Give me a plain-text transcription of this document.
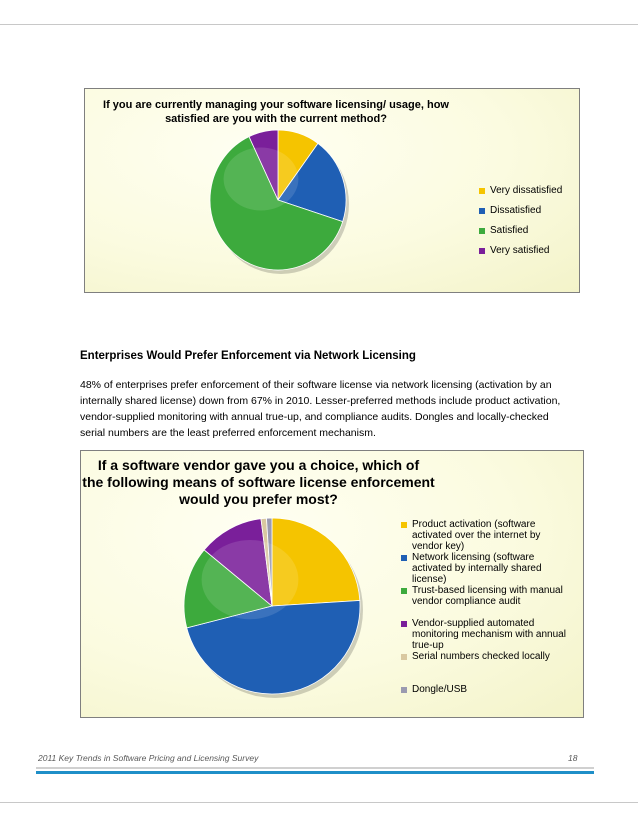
If you are currently managing your software licensing/ usage, how
satisfied are you with the current method?
Very dissatisfied
Dissatisfied
Satisfied
Very satisfied
Enterprises Would Prefer Enforcement via Network Licensing
48% of enterprises prefer enforcement of their software license via network licensing (activation by an internally shared license) down from 67% in 2010. Lesser-preferred methods include product activation, vendor-supplied monitoring with annual true-up, and compliance audits. Dongles and locally-checked serial numbers are the least preferred enforcement mechanism.
If a software vendor gave you a choice, which of
the following means of software license enforcement
would you prefer most?
Product activation (software
activated over the internet by
vendor key)
Network licensing (software
activated by internally shared
license)
Trust-based licensing with manual
vendor compliance audit
Vendor-supplied automated
monitoring mechanism with annual
true-up
Serial numbers checked locally
Dongle/USB
2011 Key Trends in Software Pricing and Licensing Survey	18
